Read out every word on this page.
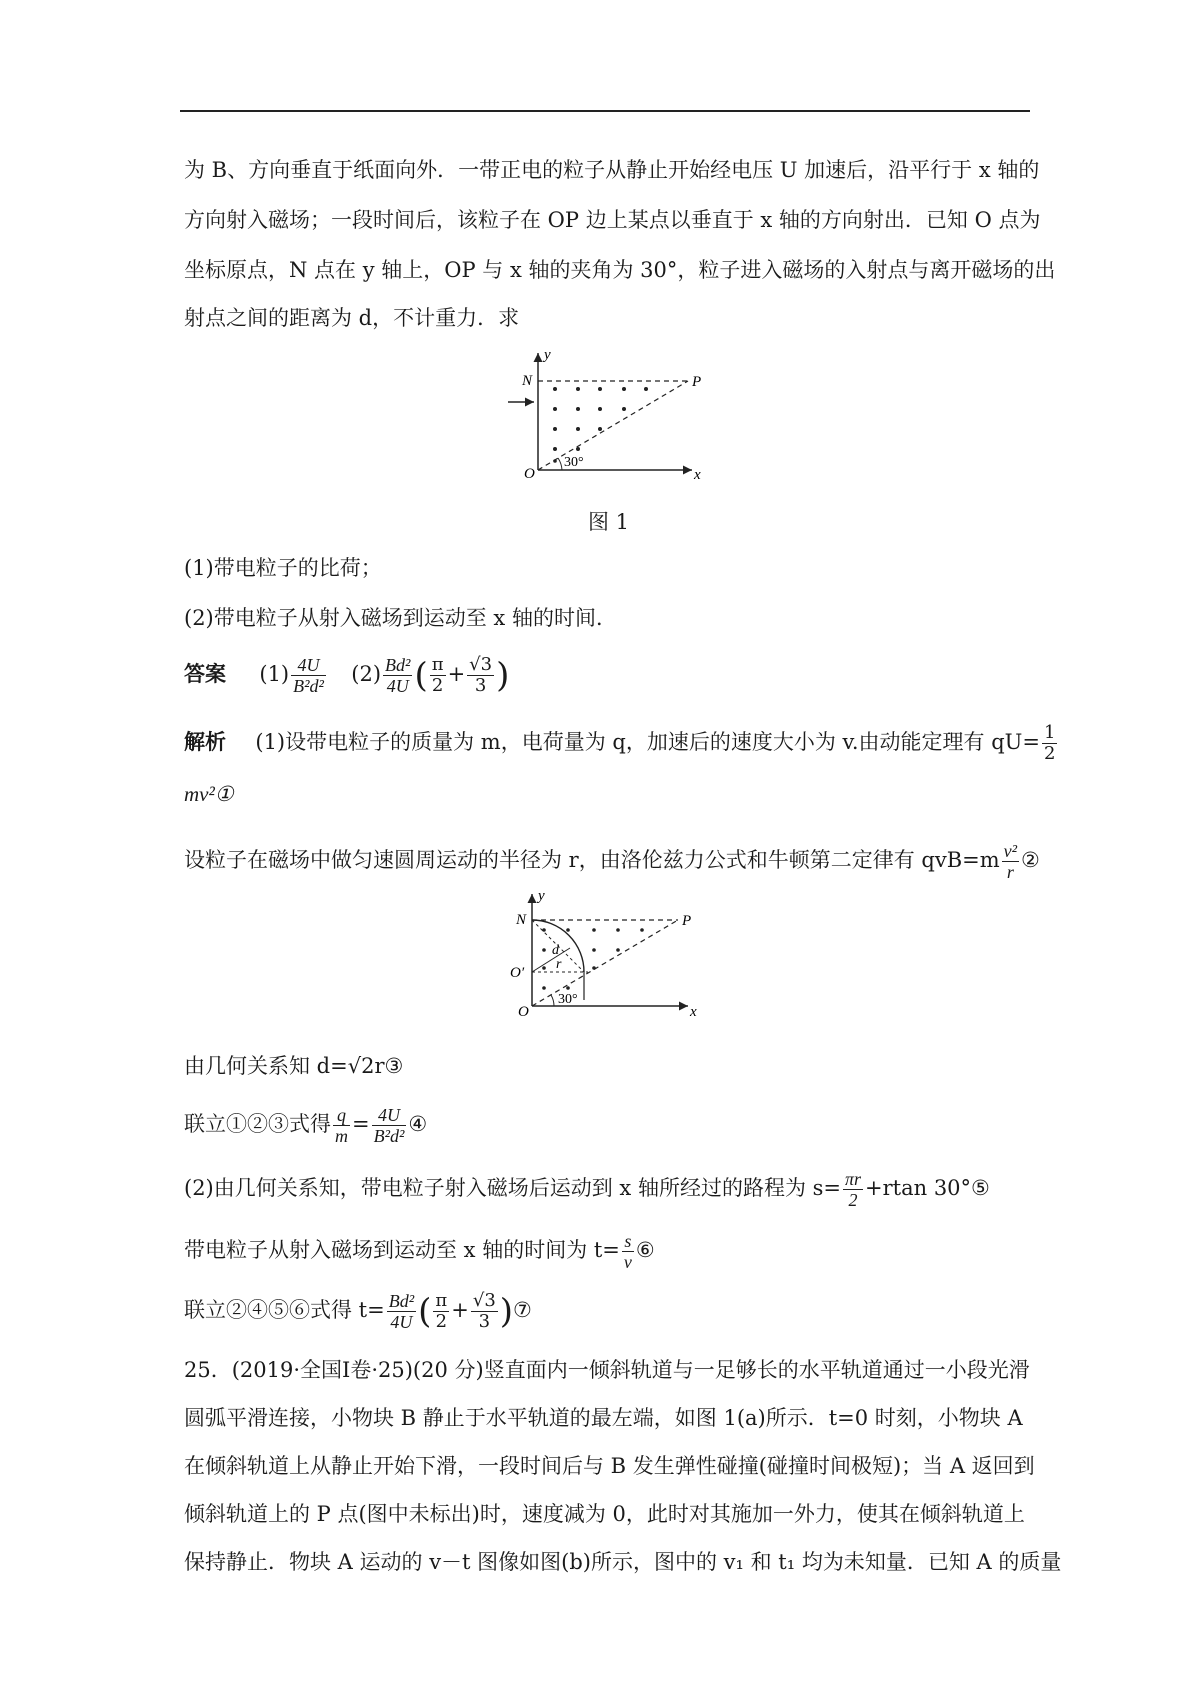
为 B、方向垂直于纸面向外．一带正电的粒子从静止开始经电压 U 加速后，沿平行于 x 轴的
方向射入磁场；一段时间后，该粒子在 OP 边上某点以垂直于 x 轴的方向射出．已知 O 点为
坐标原点，N 点在 y 轴上，OP 与 x 轴的夹角为 30°，粒子进入磁场的入射点与离开磁场的出
射点之间的距离为 d，不计重力．求
30°
y
x
N	P
O
图 1
(1)带电粒子的比荷；
(2)带电粒子从射入磁场到运动至 x 轴的时间．
答案 $(1) \frac{4U}{\text{B²d²}} (2) \frac{\text{Bd²}}{4U}$ ( $\frac{\pi}{2} + \frac{√3}{3}$ )
解析 (1)设带电粒子的质量为 m，电荷量为 q，加速后的速度大小为 v.由动能定理有 $qU= \frac{1}{2}$
mv²①
设粒子在磁场中做匀速圆周运动的半径为 r，由洛伦兹力公式和牛顿第二定律有 $qvB=m \frac{\text{v²}}{r}$ ②
30°
y
x
N	P
O
O′
d
r
由几何关系知 d=√2r③
联立①②③式得 $\frac{q}{m} = \frac{4U}{\text{B²d²}}$ ④
(2)由几何关系知，带电粒子射入磁场后运动到 x 轴所经过的路程为 $s= \frac{\pi r}{2} +rtan$ 30°⑤
带电粒子从射入磁场到运动至 x 轴的时间为 $t= \frac{s}{v}$ ⑥
联立②④⑤⑥式得 $t= \frac{\text{Bd²}}{4U}$ ( $\frac{\pi}{2} + \frac{√3}{3}$ )⑦
25．(2019·全国Ⅰ卷·25)(20 分)竖直面内一倾斜轨道与一足够长的水平轨道通过一小段光滑
圆弧平滑连接，小物块 B 静止于水平轨道的最左端，如图 1(a)所示．t=0 时刻，小物块 A
在倾斜轨道上从静止开始下滑，一段时间后与 B 发生弹性碰撞(碰撞时间极短)；当 A 返回到
倾斜轨道上的 P 点(图中未标出)时，速度减为 0，此时对其施加一外力，使其在倾斜轨道上
保持静止．物块 A 运动的 v－t 图像如图(b)所示，图中的 v₁ 和 t₁ 均为未知量．已知 A 的质量
